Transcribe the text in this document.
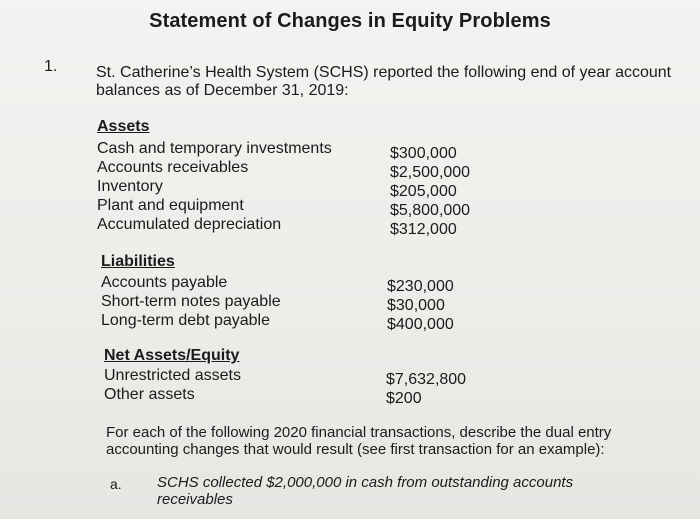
Statement of Changes in Equity Problems
1. St. Catherine’s Health System (SCHS) reported the following end of year account balances as of December 31, 2019:
Assets
Cash and temporary investments
Accounts receivables
Inventory
Plant and equipment
Accumulated depreciation
$300,000
$2,500,000
$205,000
$5,800,000
$312,000
Liabilities
Accounts payable
Short-term notes payable
Long-term debt payable
$230,000
$30,000
$400,000
Net Assets/Equity
Unrestricted assets
Other assets
$7,632,800
$200
For each of the following 2020 financial transactions, describe the dual entry accounting changes that would result (see first transaction for an example):
a. SCHS collected $2,000,000 in cash from outstanding accounts receivables
